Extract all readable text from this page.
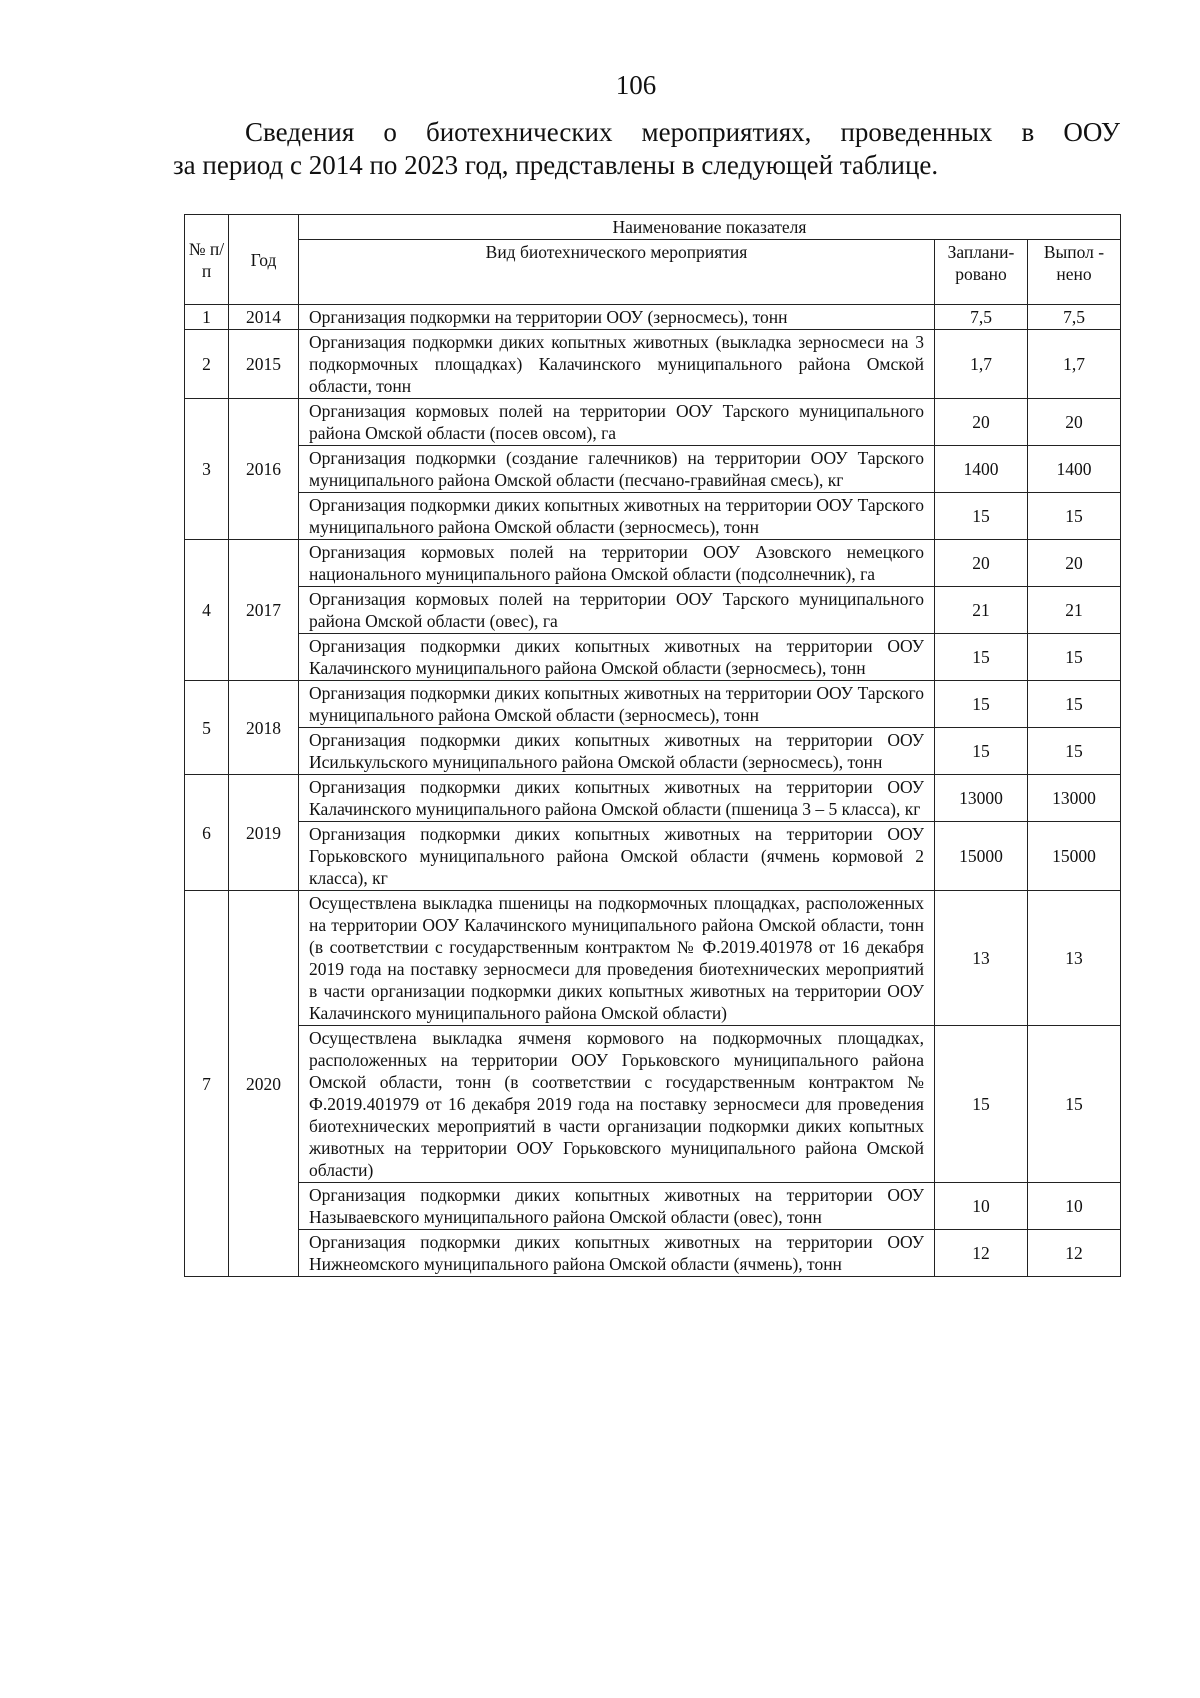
106
Сведения о биотехнических мероприятиях, проведенных в ООУ
за период с 2014 по 2023 год, представлены в следующей таблице.
№ п/ п	Год	Наименование показателя		
		Вид биотехнического мероприятия	Заплани- ровано	Выпол - нено
1	2014	Организация подкормки на территории ООУ (зерносмесь), тонн	7,5	7,5
2	2015	Организация подкормки диких копытных животных (выкладка зерносмеси на 3 подкормочных площадках) Калачинского муниципального района Омской области, тонн	1,7	1,7
3	2016	Организация кормовых полей на территории ООУ Тарского муниципального района Омской области (посев овсом), га	20	20
		Организация подкормки (создание галечников) на территории ООУ Тарского муниципального района Омской области (песчано-гравийная смесь), кг	1400	1400
		Организация подкормки диких копытных животных на территории ООУ Тарского муниципального района Омской области (зерносмесь), тонн	15	15
4	2017	Организация кормовых полей на территории ООУ Азовского немецкого национального муниципального района Омской области (подсолнечник), га	20	20
		Организация кормовых полей на территории ООУ Тарского муниципального района Омской области (овес), га	21	21
		Организация подкормки диких копытных животных на территории ООУ Калачинского муниципального района Омской области (зерносмесь), тонн	15	15
5	2018	Организация подкормки диких копытных животных на территории ООУ Тарского муниципального района Омской области (зерносмесь), тонн	15	15
		Организация подкормки диких копытных животных на территории ООУ Исилькульского муниципального района Омской области (зерносмесь), тонн	15	15
6	2019	Организация подкормки диких копытных животных на территории ООУ Калачинского муниципального района Омской области (пшеница 3 – 5 класса), кг	13000	13000
		Организация подкормки диких копытных животных на территории ООУ Горьковского муниципального района Омской области (ячмень кормовой 2 класса), кг	15000	15000
7	2020	Осуществлена выкладка пшеницы на подкормочных площадках, расположенных на территории ООУ Калачинского муниципального района Омской области, тонн (в соответствии с государственным контрактом № Ф.2019.401978 от 16 декабря 2019 года на поставку зерносмеси для проведения биотехнических мероприятий в части организации подкормки диких копытных животных на территории ООУ Калачинского муниципального района Омской области)	13	13
		Осуществлена выкладка ячменя кормового на подкормочных площадках, расположенных на территории ООУ Горьковского муниципального района Омской области, тонн (в соответствии с государственным контрактом № Ф.2019.401979 от 16 декабря 2019 года на поставку зерносмеси для проведения биотехнических мероприятий в части организации подкормки диких копытных животных на территории ООУ Горьковского муниципального района Омской области)	15	15
		Организация подкормки диких копытных животных на территории ООУ Называевского муниципального района Омской области (овес), тонн	10	10
		Организация подкормки диких копытных животных на территории ООУ Нижнеомского муниципального района Омской области (ячмень), тонн	12	12
